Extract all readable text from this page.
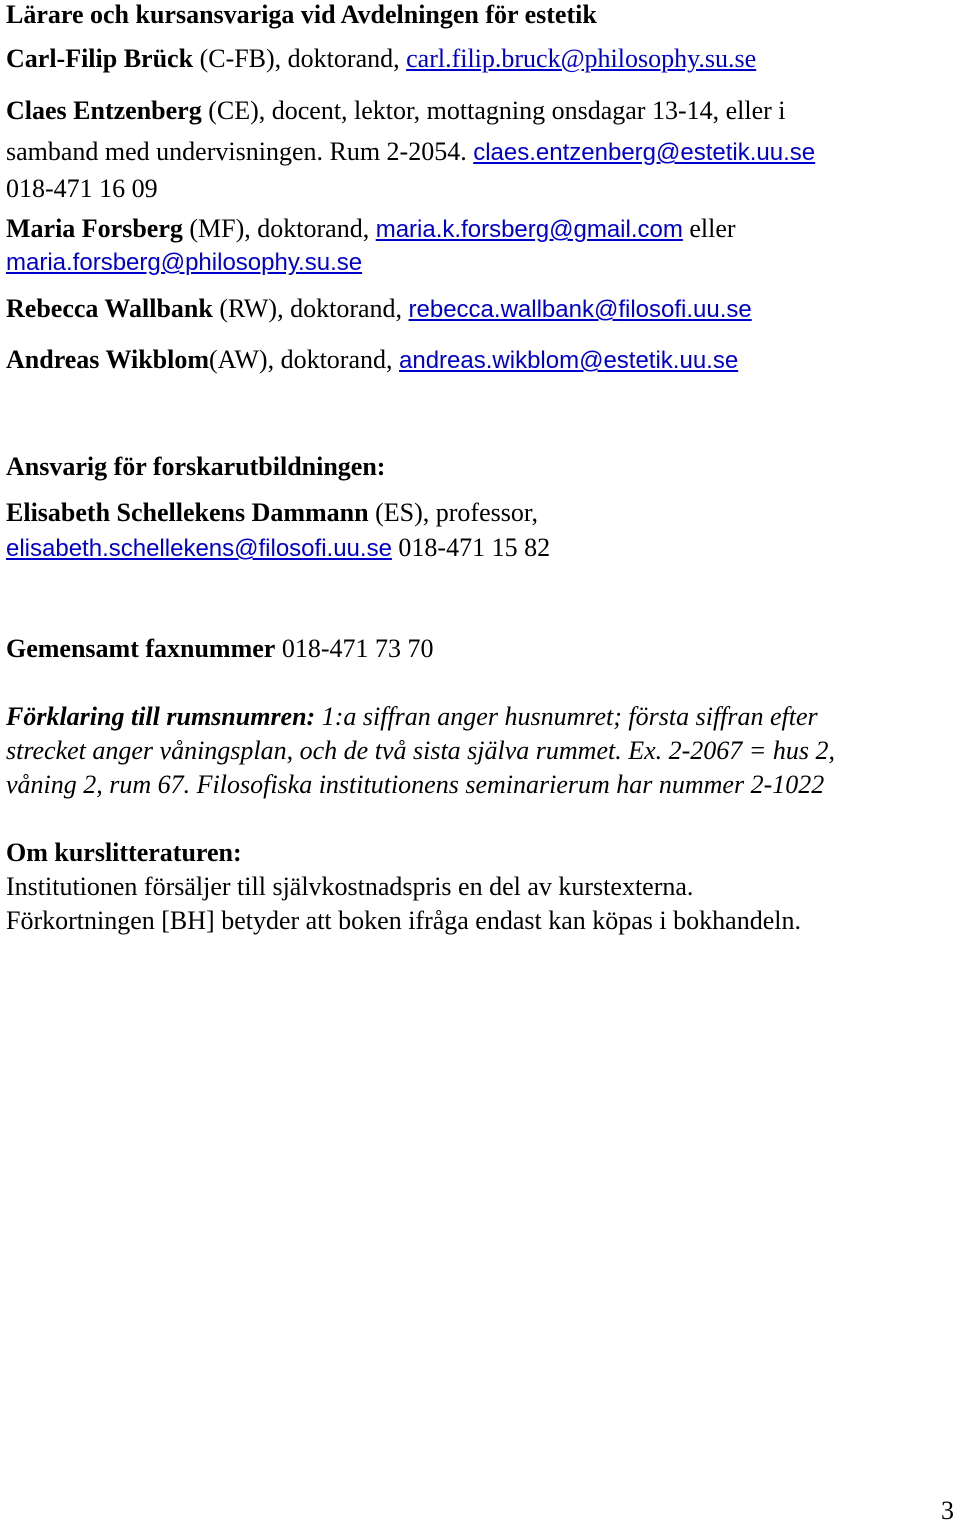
Lärare och kursansvariga vid Avdelningen för estetik
Carl-Filip Brück (C-FB), doktorand, carl.filip.bruck@philosophy.su.se
Claes Entzenberg (CE), docent, lektor, mottagning onsdagar 13-14, eller i
samband med undervisningen. Rum 2-2054. claes.entzenberg@estetik.uu.se
018-471 16 09
Maria Forsberg (MF), doktorand, maria.k.forsberg@gmail.com eller
maria.forsberg@philosophy.su.se
Rebecca Wallbank (RW), doktorand, rebecca.wallbank@filosofi.uu.se
Andreas Wikblom(AW), doktorand, andreas.wikblom@estetik.uu.se
Ansvarig för forskarutbildningen:
Elisabeth Schellekens Dammann (ES), professor,
elisabeth.schellekens@filosofi.uu.se 018-471 15 82
Gemensamt faxnummer 018-471 73 70
Förklaring till rumsnumren: 1:a siffran anger husnumret; första siffran efter
strecket anger våningsplan, och de två sista själva rummet. Ex. 2-2067 = hus 2,
våning 2, rum 67. Filosofiska institutionens seminarierum har nummer 2-1022
Om kurslitteraturen:
Institutionen försäljer till självkostnadspris en del av kurstexterna.
Förkortningen [BH] betyder att boken ifråga endast kan köpas i bokhandeln.
3
